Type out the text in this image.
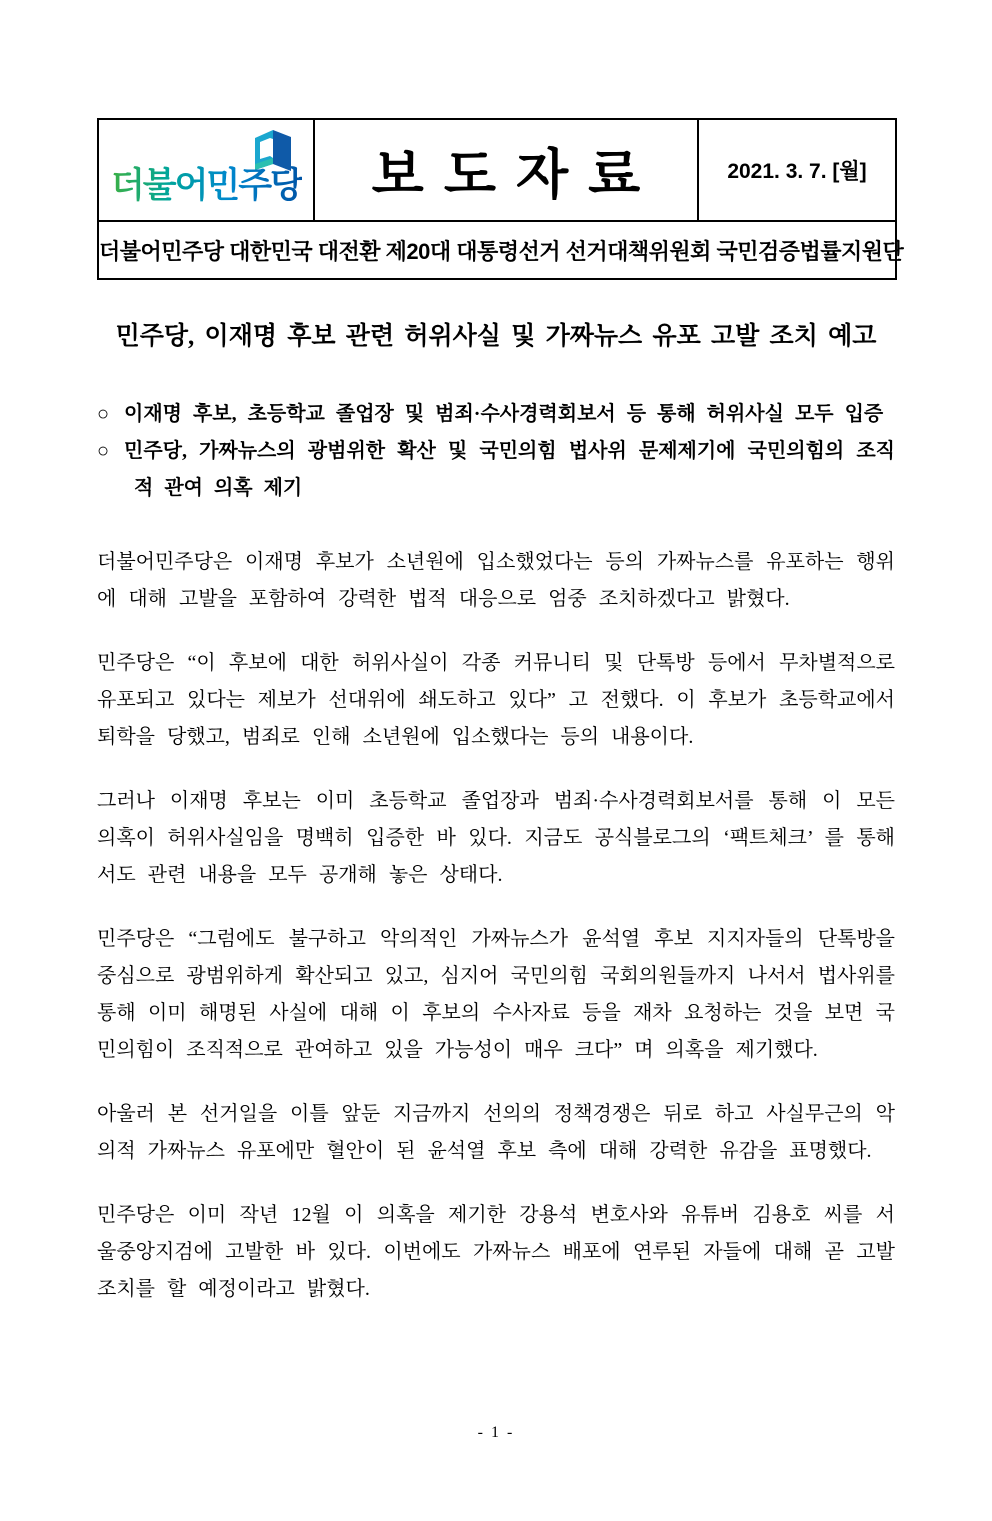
더불어민주당	보도자료	2021. 3. 7. [월]

더불어민주당 대한민국 대전환 제20대 대통령선거 선거대책위원회 국민검증법률지원단
민주당, 이재명 후보 관련 허위사실 및 가짜뉴스 유포 고발 조치 예고
○ 이재명 후보, 초등학교 졸업장 및 범죄·수사경력회보서 등 통해 허위사실 모두 입증
○ 민주당, 가짜뉴스의 광범위한 확산 및 국민의힘 법사위 문제제기에 국민의힘의 조직적 관여 의혹 제기

더불어민주당은 이재명 후보가 소년원에 입소했었다는 등의 가짜뉴스를 유포하는 행위에 대해 고발을 포함하여 강력한 법적 대응으로 엄중 조치하겠다고 밝혔다.

민주당은 “이 후보에 대한 허위사실이 각종 커뮤니티 및 단톡방 등에서 무차별적으로 유포되고 있다는 제보가 선대위에 쇄도하고 있다” 고 전했다. 이 후보가 초등학교에서 퇴학을 당했고, 범죄로 인해 소년원에 입소했다는 등의 내용이다.

그러나 이재명 후보는 이미 초등학교 졸업장과 범죄·수사경력회보서를 통해 이 모든 의혹이 허위사실임을 명백히 입증한 바 있다. 지금도 공식블로그의 ‘팩트체크’ 를 통해서도 관련 내용을 모두 공개해 놓은 상태다.

민주당은 “그럼에도 불구하고 악의적인 가짜뉴스가 윤석열 후보 지지자들의 단톡방을 중심으로 광범위하게 확산되고 있고, 심지어 국민의힘 국회의원들까지 나서서 법사위를 통해 이미 해명된 사실에 대해 이 후보의 수사자료 등을 재차 요청하는 것을 보면 국민의힘이 조직적으로 관여하고 있을 가능성이 매우 크다” 며 의혹을 제기했다.

아울러 본 선거일을 이틀 앞둔 지금까지 선의의 정책경쟁은 뒤로 하고 사실무근의 악의적 가짜뉴스 유포에만 혈안이 된 윤석열 후보 측에 대해 강력한 유감을 표명했다.

민주당은 이미 작년 12월 이 의혹을 제기한 강용석 변호사와 유튜버 김용호 씨를 서울중앙지검에 고발한 바 있다. 이번에도 가짜뉴스 배포에 연루된 자들에 대해 곧 고발 조치를 할 예정이라고 밝혔다.

- 1 -
